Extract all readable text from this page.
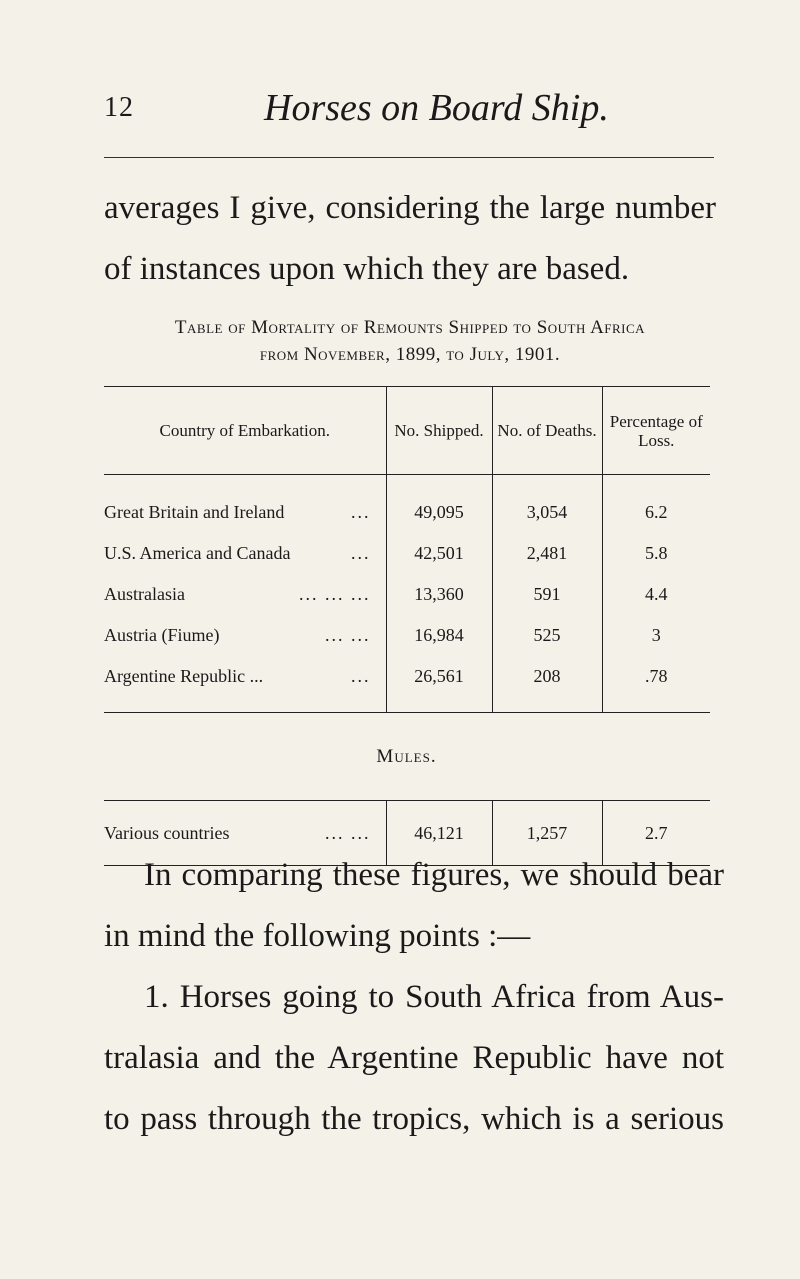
12	Horses on Board Ship.
averages I give, considering the large number
of instances upon which they are based.
Table of Mortality of Remounts Shipped to South Africa
from November, 1899, to July, 1901.
Country of Embarkation.	No. Shipped.	No. of Deaths.	Percentage of Loss.

Great Britain and Ireland ...	49,095	3,054	6.2

U.S. America and Canada ...	42,501	2,481	5.8

Australasia ... ... ...	13,360	591	4.4

Austria (Fiume) ... ...	16,984	525	3

Argentine Republic ... ...	26,561	208	.78
Mules.			

Various countries ... ...	46,121	1,257	2.7
In comparing these figures, we should bear
in mind the following points :—
1. Horses going to South Africa from Aus-
tralasia and the Argentine Republic have not
to pass through the tropics, which is a serious
